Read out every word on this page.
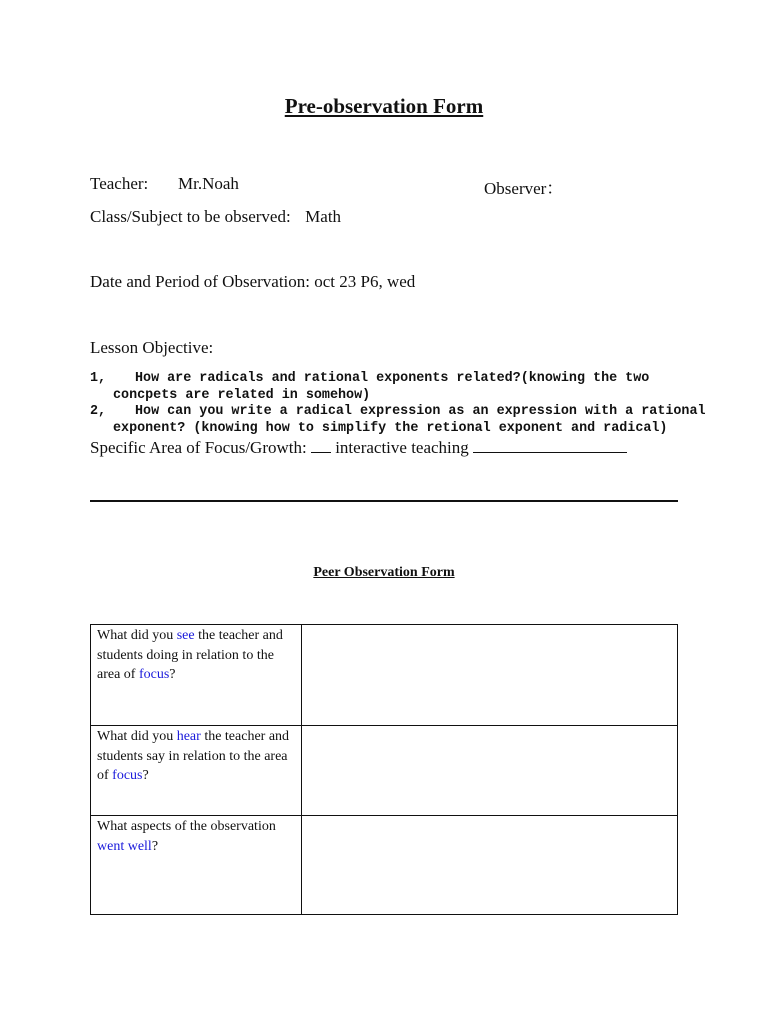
Pre-observation Form
Teacher: Mr.Noah	Observer：
Class/Subject to be observed: Math
Date and Period of Observation: oct 23 P6, wed
Lesson Objective:
1, How are radicals and rational exponents related?(knowing the two
concpets are related in somehow)
2, How can you write a radical expression as an expression with a rational
exponent? (knowing how to simplify the retional exponent and radical)
Specific Area of Focus/Growth: interactive teaching
Peer Observation Form
What did you see the teacher and students doing in relation to the area of focus?	
What did you hear the teacher and students say in relation to the area of focus?	
What aspects of the observation went well?	
